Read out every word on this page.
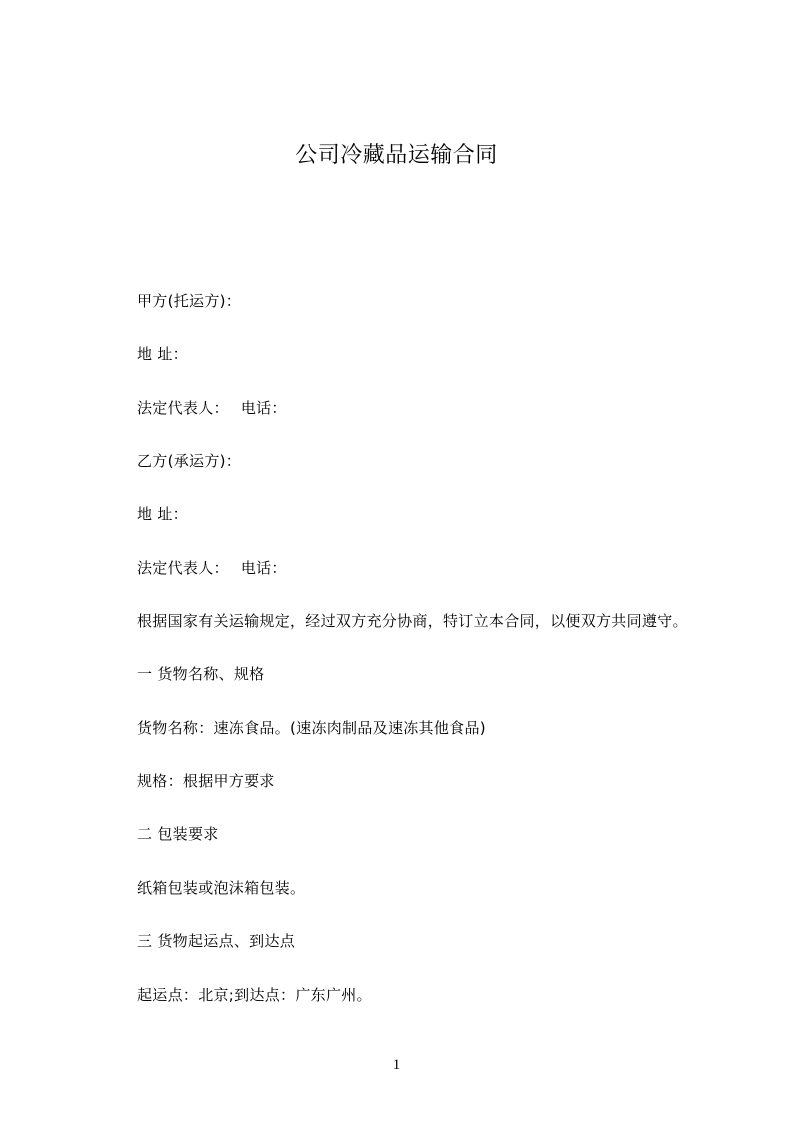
公司冷藏品运输合同
甲方(托运方)：
地 址：
法定代表人： 电话：
乙方(承运方)：
地 址：
法定代表人： 电话：
根据国家有关运输规定，经过双方充分协商，特订立本合同，以便双方共同遵守。
一 货物名称、规格
货物名称：速冻食品。(速冻肉制品及速冻其他食品)
规格：根据甲方要求
二 包装要求
纸箱包装或泡沫箱包装。
三 货物起运点、到达点
起运点：北京;到达点：广东广州。
1
